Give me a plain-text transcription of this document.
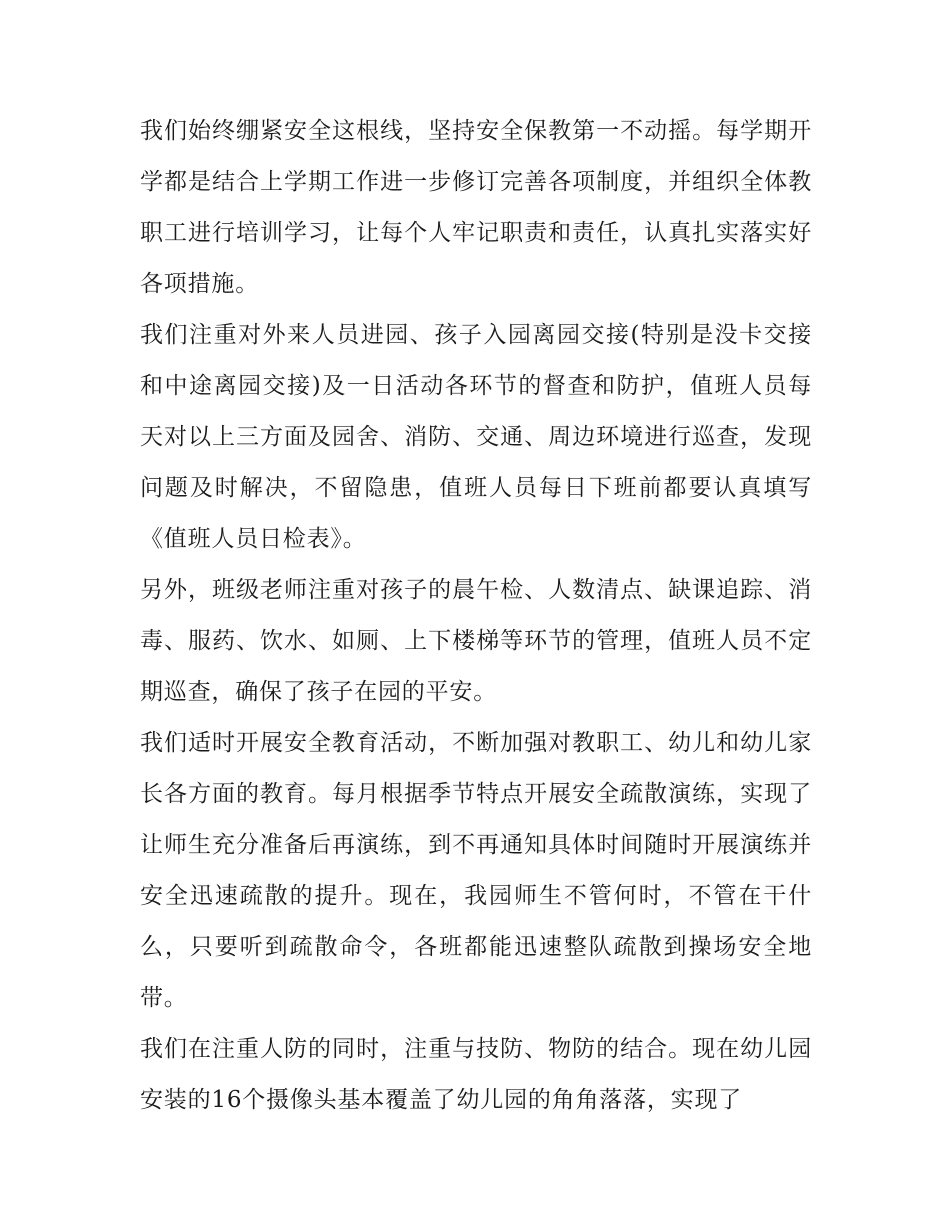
我们始终绷紧安全这根线，坚持安全保教第一不动摇。每学期开学都是结合上学期工作进一步修订完善各项制度，并组织全体教职工进行培训学习，让每个人牢记职责和责任，认真扎实落实好各项措施。

我们注重对外来人员进园、孩子入园离园交接(特别是没卡交接和中途离园交接)及一日活动各环节的督查和防护，值班人员每天对以上三方面及园舍、消防、交通、周边环境进行巡查，发现问题及时解决，不留隐患，值班人员每日下班前都要认真填写《值班人员日检表》。

另外，班级老师注重对孩子的晨午检、人数清点、缺课追踪、消毒、服药、饮水、如厕、上下楼梯等环节的管理，值班人员不定期巡查，确保了孩子在园的平安。

我们适时开展安全教育活动，不断加强对教职工、幼儿和幼儿家长各方面的教育。每月根据季节特点开展安全疏散演练，实现了让师生充分准备后再演练，到不再通知具体时间随时开展演练并安全迅速疏散的提升。现在，我园师生不管何时，不管在干什么，只要听到疏散命令，各班都能迅速整队疏散到操场安全地带。

我们在注重人防的同时，注重与技防、物防的结合。现在幼儿园安装的16个摄像头基本覆盖了幼儿园的角角落落，实现了
